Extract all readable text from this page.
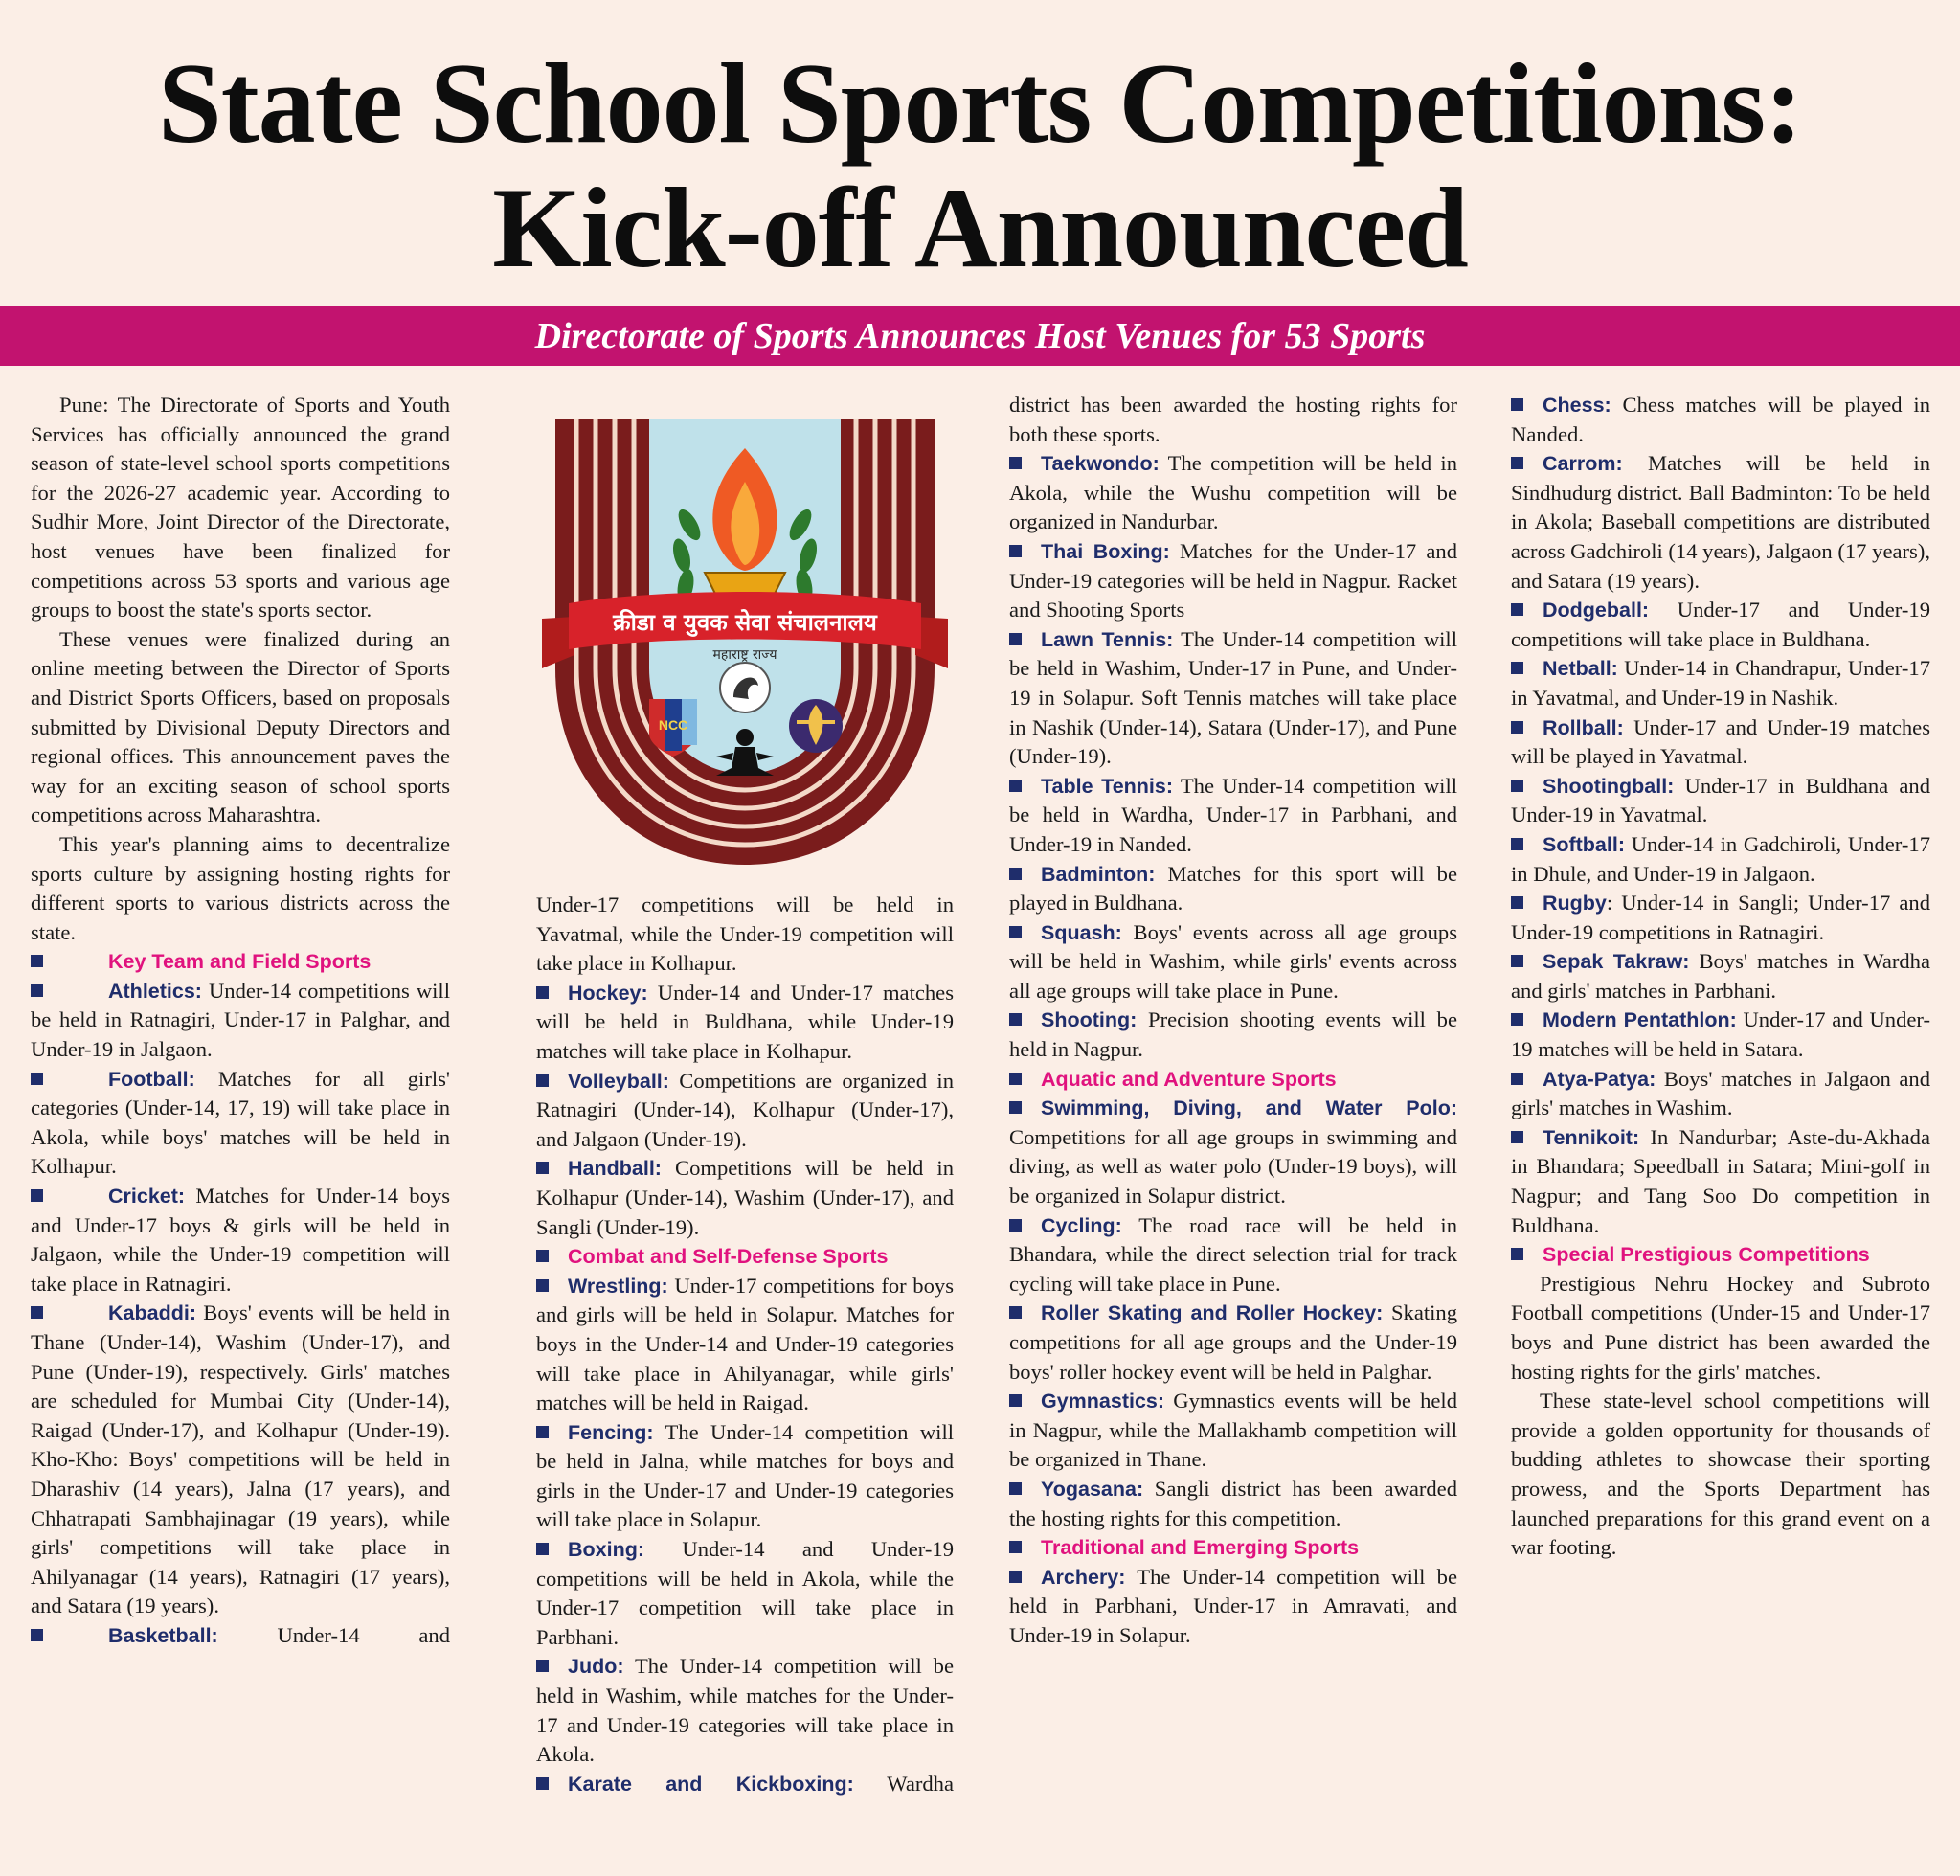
State School Sports Competitions:
Kick-off Announced
Directorate of Sports Announces Host Venues for 53 Sports

Pune: The Directorate of Sports and Youth Services has officially announced the grand season of state-level school sports competitions for the 2026-27 academic year. According to Sudhir More, Joint Director of the Directorate, host venues have been finalized for competitions across 53 sports and various age groups to boost the state's sports sector.

These venues were finalized during an online meeting between the Director of Sports and District Sports Officers, based on proposals submitted by Divisional Deputy Directors and regional offices. This announcement paves the way for an exciting season of school sports competitions across Maharashtra.

This year's planning aims to decentralize sports culture by assigning hosting rights for different sports to various districts across the state.

Key Team and Field Sports

Athletics: Under-14 competitions will be held in Ratnagiri, Under-17 in Palghar, and Under-19 in Jalgaon.

Football: Matches for all girls' categories (Under-14, 17, 19) will take place in Akola, while boys' matches will be held in Kolhapur.

Cricket: Matches for Under-14 boys and Under-17 boys & girls will be held in Jalgaon, while the Under-19 competition will take place in Ratnagiri.

Kabaddi: Boys' events will be held in Thane (Under-14), Washim (Under-17), and Pune (Under-19), respectively. Girls' matches are scheduled for Mumbai City (Under-14), Raigad (Under-17), and Kolhapur (Under-19). Kho-Kho: Boys' competitions will be held in Dharashiv (14 years), Jalna (17 years), and Chhatrapati Sambhajinagar (19 years), while girls' competitions will take place in Ahilyanagar (14 years), Ratnagiri (17 years), and Satara (19 years).

Basketball: Under-14 and

क्रीडा व युवक सेवा संचालनालय
महाराष्ट्र राज्य
NCC

Under-17 competitions will be held in Yavatmal, while the Under-19 competition will take place in Kolhapur.

Hockey: Under-14 and Under-17 matches will be held in Buldhana, while Under-19 matches will take place in Kolhapur.

Volleyball: Competitions are organized in Ratnagiri (Under-14), Kolhapur (Under-17), and Jalgaon (Under-19).

Handball: Competitions will be held in Kolhapur (Under-14), Washim (Under-17), and Sangli (Under-19).

Combat and Self-Defense Sports

Wrestling: Under-17 competitions for boys and girls will be held in Solapur. Matches for boys in the Under-14 and Under-19 categories will take place in Ahilyanagar, while girls' matches will be held in Raigad.

Fencing: The Under-14 competition will be held in Jalna, while matches for boys and girls in the Under-17 and Under-19 categories will take place in Solapur.

Boxing: Under-14 and Under-19 competitions will be held in Akola, while the Under-17 competition will take place in Parbhani.

Judo: The Under-14 competition will be held in Washim, while matches for the Under-17 and Under-19 categories will take place in Akola.

Karate and Kickboxing: Wardha

district has been awarded the hosting rights for both these sports.

Taekwondo: The competition will be held in Akola, while the Wushu competition will be organized in Nandurbar.

Thai Boxing: Matches for the Under-17 and Under-19 categories will be held in Nagpur. Racket and Shooting Sports

Lawn Tennis: The Under-14 competition will be held in Washim, Under-17 in Pune, and Under-19 in Solapur. Soft Tennis matches will take place in Nashik (Under-14), Satara (Under-17), and Pune (Under-19).

Table Tennis: The Under-14 competition will be held in Wardha, Under-17 in Parbhani, and Under-19 in Nanded.

Badminton: Matches for this sport will be played in Buldhana.

Squash: Boys' events across all age groups will be held in Washim, while girls' events across all age groups will take place in Pune.

Shooting: Precision shooting events will be held in Nagpur.

Aquatic and Adventure Sports

Swimming, Diving, and Water Polo: Competitions for all age groups in swimming and diving, as well as water polo (Under-19 boys), will be organized in Solapur district.

Cycling: The road race will be held in Bhandara, while the direct selection trial for track cycling will take place in Pune.

Roller Skating and Roller Hockey: Skating competitions for all age groups and the Under-19 boys' roller hockey event will be held in Palghar.

Gymnastics: Gymnastics events will be held in Nagpur, while the Mallakhamb competition will be organized in Thane.

Yogasana: Sangli district has been awarded the hosting rights for this competition.

Traditional and Emerging Sports

Archery: The Under-14 competition will be held in Parbhani, Under-17 in Amravati, and Under-19 in Solapur.

Chess: Chess matches will be played in Nanded.

Carrom: Matches will be held in Sindhudurg district. Ball Badminton: To be held in Akola; Baseball competitions are distributed across Gadchiroli (14 years), Jalgaon (17 years), and Satara (19 years).

Dodgeball: Under-17 and Under-19 competitions will take place in Buldhana.

Netball: Under-14 in Chandrapur, Under-17 in Yavatmal, and Under-19 in Nashik.

Rollball: Under-17 and Under-19 matches will be played in Yavatmal.

Shootingball: Under-17 in Buldhana and Under-19 in Yavatmal.

Softball: Under-14 in Gadchiroli, Under-17 in Dhule, and Under-19 in Jalgaon.

Rugby: Under-14 in Sangli; Under-17 and Under-19 competitions in Ratnagiri.

Sepak Takraw: Boys' matches in Wardha and girls' matches in Parbhani.

Modern Pentathlon: Under-17 and Under-19 matches will be held in Satara.

Atya-Patya: Boys' matches in Jalgaon and girls' matches in Washim.

Tennikoit: In Nandurbar; Aste-du-Akhada in Bhandara; Speedball in Satara; Mini-golf in Nagpur; and Tang Soo Do competition in Buldhana.

Special Prestigious Competitions

Prestigious Nehru Hockey and Subroto Football competitions (Under-15 and Under-17 boys and Pune district has been awarded the hosting rights for the girls' matches.

These state-level school competitions will provide a golden opportunity for thousands of budding athletes to showcase their sporting prowess, and the Sports Department has launched preparations for this grand event on a war footing.
